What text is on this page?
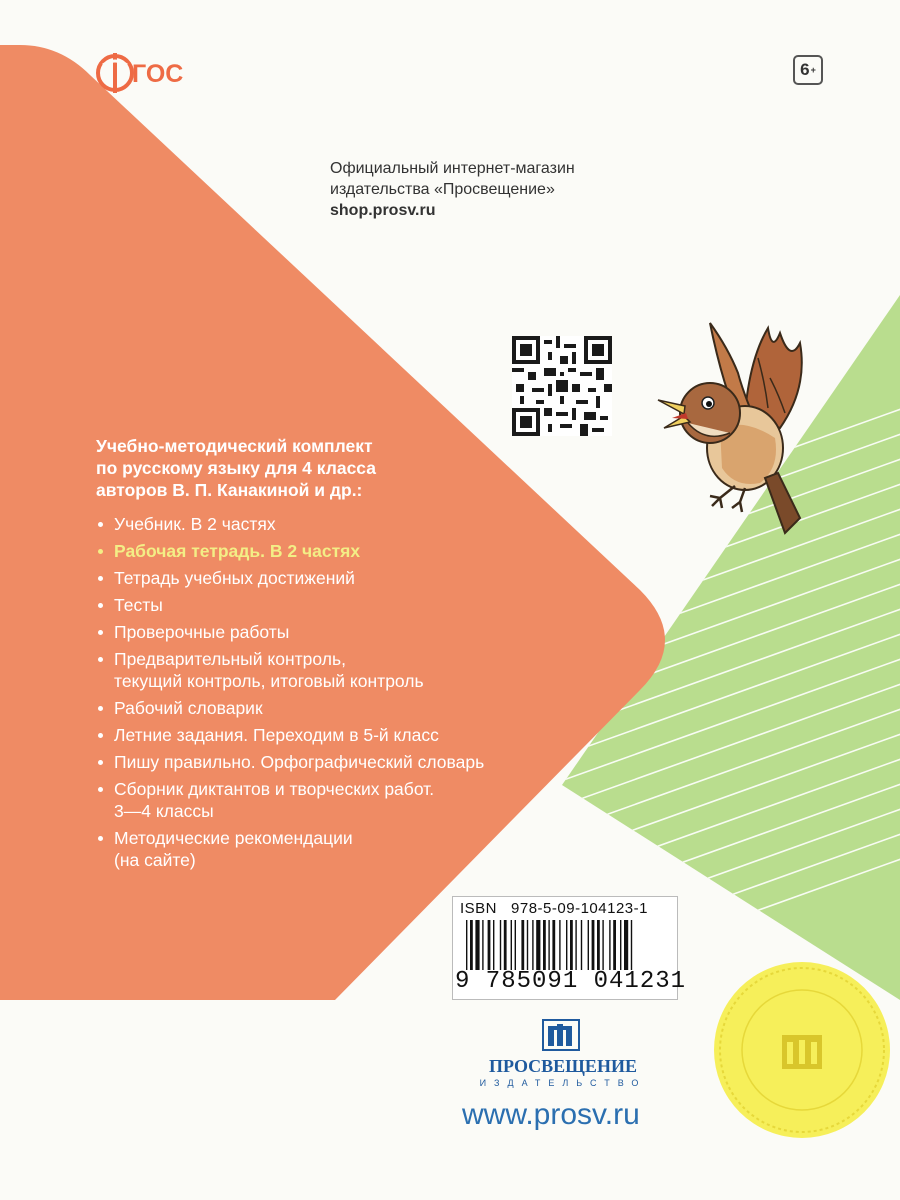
ГОС	6 +
Официальный интернет-магазин
издательства «Просвещение»
shop.prosv.ru
Учебно-методический комплект
по русскому языку для 4 класса
авторов В. П. Канакиной и др.:
Учебник. В 2 частях
Рабочая тетрадь. В 2 частях
Тетрадь учебных достижений
Тесты
Проверочные работы
Предварительный контроль,
текущий контроль, итоговый контроль
Рабочий словарик
Летние задания. Переходим в 5-й класс
Пишу правильно. Орфографический словарь
Сборник диктантов и творческих работ.
3—4 классы
Методические рекомендации
(на сайте)
ISBN 978-5-09-104123-1
9 785091 041231
ПРОСВЕЩЕНИЕ
ИЗДАТЕЛЬСТВО
www.prosv.ru
